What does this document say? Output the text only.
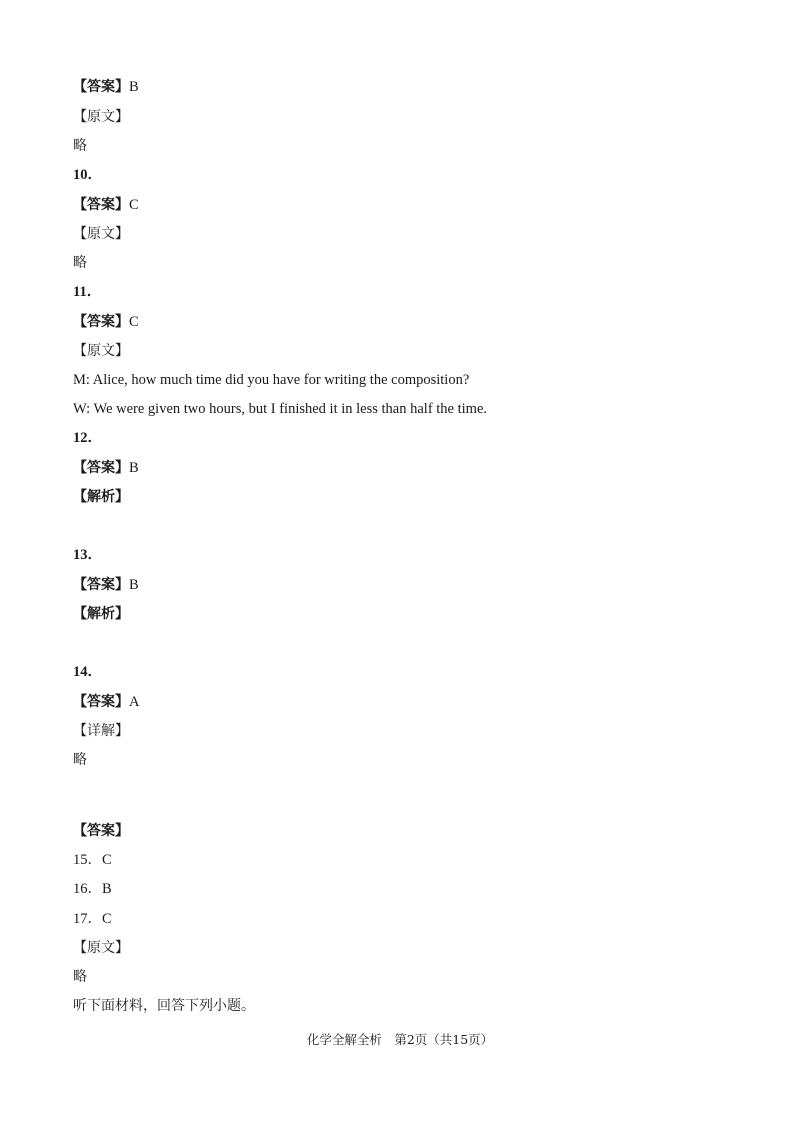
【答案】B
【原文】
略
10．
【答案】C
【原文】
略
11．
【答案】C
【原文】
M: Alice, how much time did you have for writing the composition?
W: We were given two hours, but I finished it in less than half the time.
12．
【答案】B
【解析】
13．
【答案】B
【解析】
14．
【答案】A
【详解】
略
【答案】
15．C
16．B
17．C
【原文】
略
听下面材料，回答下列小题。
化学全解全析　第2页（共15页）
